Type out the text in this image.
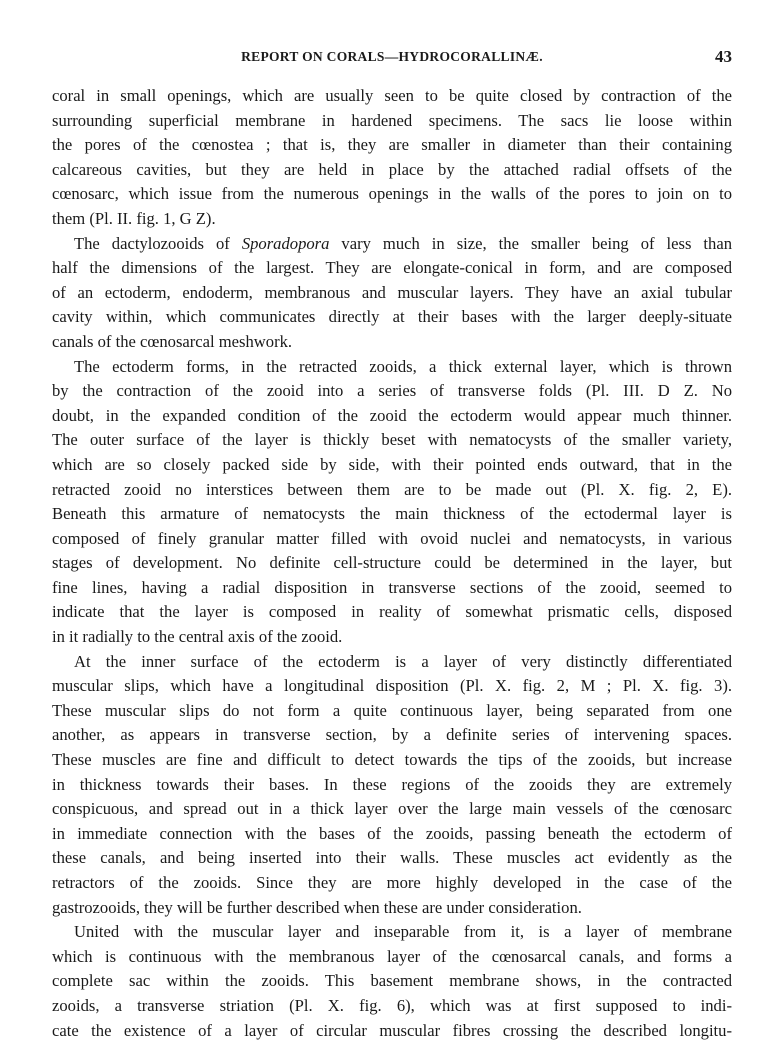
REPORT ON CORALS—HYDROCORALLINÆ.	43
coral in small openings, which are usually seen to be quite closed by contraction of the
surrounding superficial membrane in hardened specimens. The sacs lie loose within
the pores of the cœnostea ; that is, they are smaller in diameter than their containing
calcareous cavities, but they are held in place by the attached radial offsets of the
cœnosarc, which issue from the numerous openings in the walls of the pores to join on to
them (Pl. II. fig. 1, G Z).
The dactylozooids of Sporadopora vary much in size, the smaller being of less than
half the dimensions of the largest. They are elongate-conical in form, and are composed
of an ectoderm, endoderm, membranous and muscular layers. They have an axial tubular
cavity within, which communicates directly at their bases with the larger deeply-situate
canals of the cœnosarcal meshwork.
The ectoderm forms, in the retracted zooids, a thick external layer, which is thrown
by the contraction of the zooid into a series of transverse folds (Pl. III. D Z. No
doubt, in the expanded condition of the zooid the ectoderm would appear much thinner.
The outer surface of the layer is thickly beset with nematocysts of the smaller variety,
which are so closely packed side by side, with their pointed ends outward, that in the
retracted zooid no interstices between them are to be made out (Pl. X. fig. 2, E).
Beneath this armature of nematocysts the main thickness of the ectodermal layer is
composed of finely granular matter filled with ovoid nuclei and nematocysts, in various
stages of development. No definite cell-structure could be determined in the layer, but
fine lines, having a radial disposition in transverse sections of the zooid, seemed to
indicate that the layer is composed in reality of somewhat prismatic cells, disposed
in it radially to the central axis of the zooid.
At the inner surface of the ectoderm is a layer of very distinctly differentiated
muscular slips, which have a longitudinal disposition (Pl. X. fig. 2, M ; Pl. X. fig. 3).
These muscular slips do not form a quite continuous layer, being separated from one
another, as appears in transverse section, by a definite series of intervening spaces.
These muscles are fine and difficult to detect towards the tips of the zooids, but increase
in thickness towards their bases. In these regions of the zooids they are extremely
conspicuous, and spread out in a thick layer over the large main vessels of the cœnosarc
in immediate connection with the bases of the zooids, passing beneath the ectoderm of
these canals, and being inserted into their walls. These muscles act evidently as the
retractors of the zooids. Since they are more highly developed in the case of the
gastrozooids, they will be further described when these are under consideration.
United with the muscular layer and inseparable from it, is a layer of membrane
which is continuous with the membranous layer of the cœnosarcal canals, and forms a
complete sac within the zooids. This basement membrane shows, in the contracted
zooids, a transverse striation (Pl. X. fig. 6), which was at first supposed to indi-
cate the existence of a layer of circular muscular fibres crossing the described longitu-
